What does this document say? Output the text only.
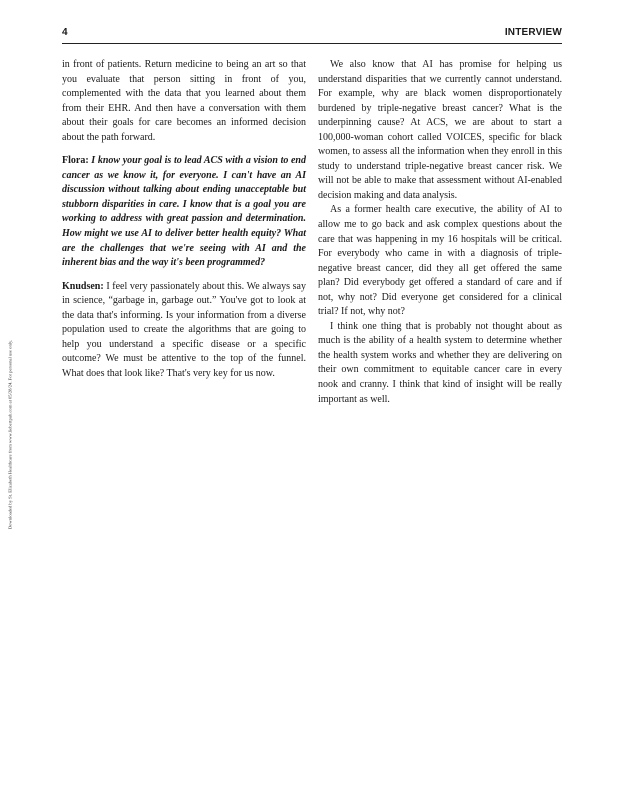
4	INTERVIEW
Downloaded by St. Elizabeth Healthcare from www.liebertpub.com at 05/28/24. For personal use only.

in front of patients. Return medicine to being an art so that you evaluate that person sitting in front of you, complemented with the data that you learned about them from their EHR. And then have a conversation with them about their goals for care becomes an informed decision about the path forward.

Flora: I know your goal is to lead ACS with a vision to end cancer as we know it, for everyone. I can't have an AI discussion without talking about ending unacceptable but stubborn disparities in care. I know that is a goal you are working to address with great passion and determination. How might we use AI to deliver better health equity? What are the challenges that we're seeing with AI and the inherent bias and the way it's been programmed?

Knudsen: I feel very passionately about this. We always say in science, “garbage in, garbage out.” You've got to look at the data that's informing. Is your information from a diverse population used to create the algorithms that are going to help you understand a specific disease or a specific outcome? We must be attentive to the top of the funnel. What does that look like? That's very key for us now.

We also know that AI has promise for helping us understand disparities that we currently cannot understand. For example, why are black women disproportionately burdened by triple-negative breast cancer? What is the underpinning cause? At ACS, we are about to start a 100,000-woman cohort called VOICES, specific for black women, to assess all the information when they enroll in this study to understand triple-negative breast cancer risk. We will not be able to make that assessment without AI-enabled decision making and data analysis.

As a former health care executive, the ability of AI to allow me to go back and ask complex questions about the care that was happening in my 16 hospitals will be critical. For everybody who came in with a diagnosis of triple-negative breast cancer, did they all get offered the same plan? Did everybody get offered a standard of care and if not, why not? Did everyone get considered for a clinical trial? If not, why not?

I think one thing that is probably not thought about as much is the ability of a health system to determine whether the health system works and whether they are delivering on their own commitment to equitable cancer care in every nook and cranny. I think that kind of insight will be really important as well.
